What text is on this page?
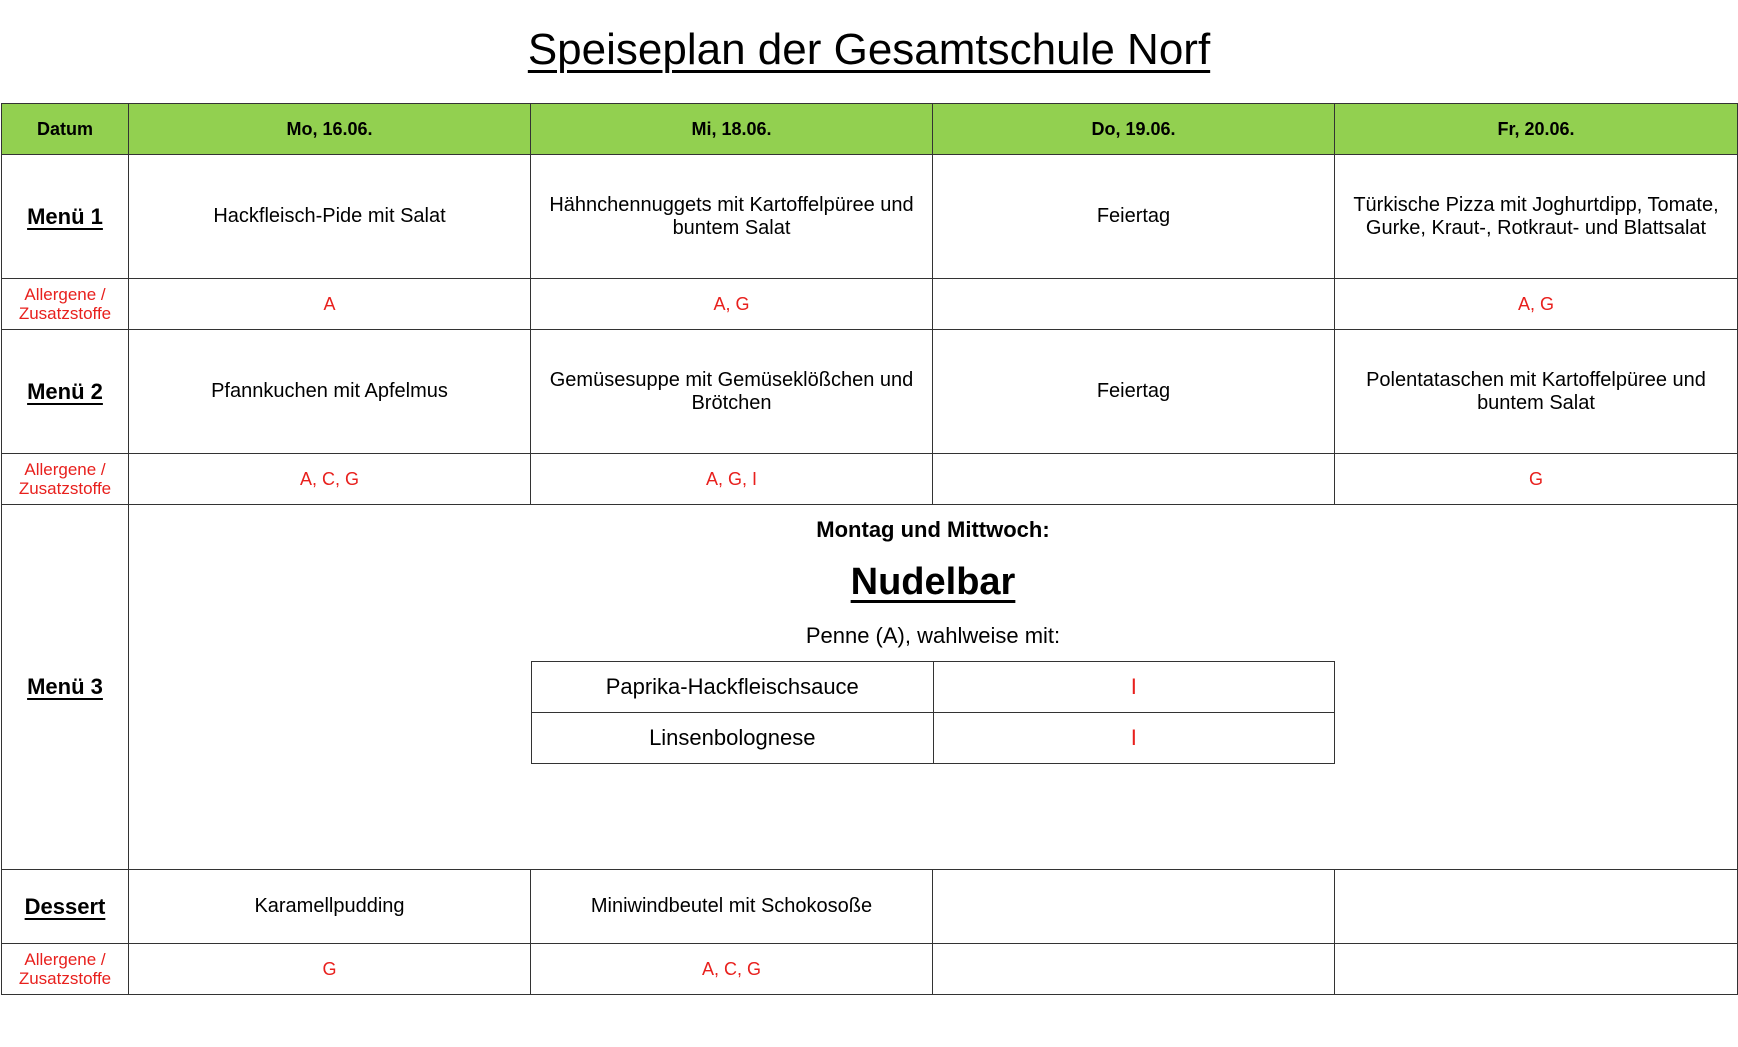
Speiseplan der Gesamtschule Norf
Datum	Mo, 16.06.	Mi, 18.06.	Do, 19.06.	Fr, 20.06.
Menü 1	Hackfleisch-Pide mit Salat	Hähnchennuggets mit Kartoffelpüree und buntem Salat	Feiertag	Türkische Pizza mit Joghurtdipp, Tomate, Gurke, Kraut-, Rotkraut- und Blattsalat
Allergene / Zusatzstoffe	A	A, G		A, G
Menü 2	Pfannkuchen mit Apfelmus	Gemüsesuppe mit Gemüseklößchen und Brötchen	Feiertag	Polentataschen mit Kartoffelpüree und buntem Salat
Allergene / Zusatzstoffe	A, C, G	A, G, I		G
Menü 3	
Montag und Mittwoch:
Nudelbar
Penne (A), wahlweise mit:
Paprika-Hackfleischsauce	I
Linsenbolognese	I

Dessert	Karamellpudding	Miniwindbeutel mit Schokosoße		
Allergene / Zusatzstoffe	G	A, C, G		
